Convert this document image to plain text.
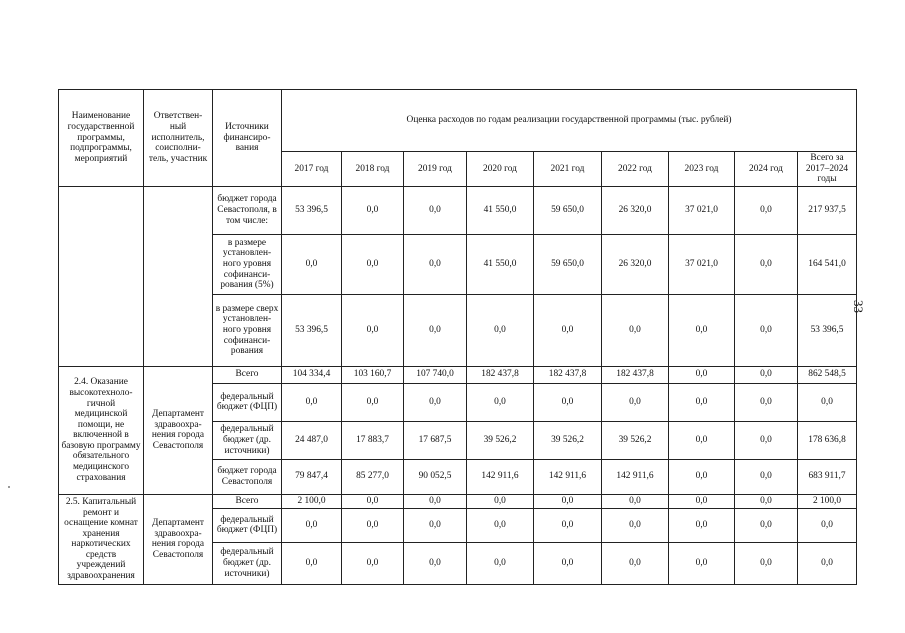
33
Наименование государственной программы, подпрограммы, мероприятий	Ответствен-ный исполнитель, соисполни-тель, участник	Источники финансиро-вания	Оценка расходов по годам реализации государственной программы (тыс. рублей)								
			2017 год	2018 год	2019 год	2020 год	2021 год	2022 год	2023 год	2024 год	Всего за 2017–2024 годы
		бюджет города Севастополя, в том числе:	53 396,5	0,0	0,0	41 550,0	59 650,0	26 320,0	37 021,0	0,0	217 937,5
		в размере установлен-ного уровня софинанси-рования (5%)	0,0	0,0	0,0	41 550,0	59 650,0	26 320,0	37 021,0	0,0	164 541,0
		в размере сверх установлен-ного уровня софинанси-рования	53 396,5	0,0	0,0	0,0	0,0	0,0	0,0	0,0	53 396,5
2.4. Оказание высокотехноло-гичной медицинской помощи, не включенной в базовую программу обязательного медицинского страхования	Департамент здравоохра-нения города Севастополя	Всего	104 334,4	103 160,7	107 740,0	182 437,8	182 437,8	182 437,8	0,0	0,0	862 548,5
		федеральный бюджет (ФЦП)	0,0	0,0	0,0	0,0	0,0	0,0	0,0	0,0	0,0
		федеральный бюджет (др. источники)	24 487,0	17 883,7	17 687,5	39 526,2	39 526,2	39 526,2	0,0	0,0	178 636,8
		бюджет города Севастополя	79 847,4	85 277,0	90 052,5	142 911,6	142 911,6	142 911,6	0,0	0,0	683 911,7
2.5. Капитальный ремонт и оснащение комнат хранения наркотических средств учреждений здравоохранения	Департамент здравоохра-нения города Севастополя	Всего	2 100,0	0,0	0,0	0,0	0,0	0,0	0,0	0,0	2 100,0
		федеральный бюджет (ФЦП)	0,0	0,0	0,0	0,0	0,0	0,0	0,0	0,0	0,0
		федеральный бюджет (др. источники)	0,0	0,0	0,0	0,0	0,0	0,0	0,0	0,0	0,0
